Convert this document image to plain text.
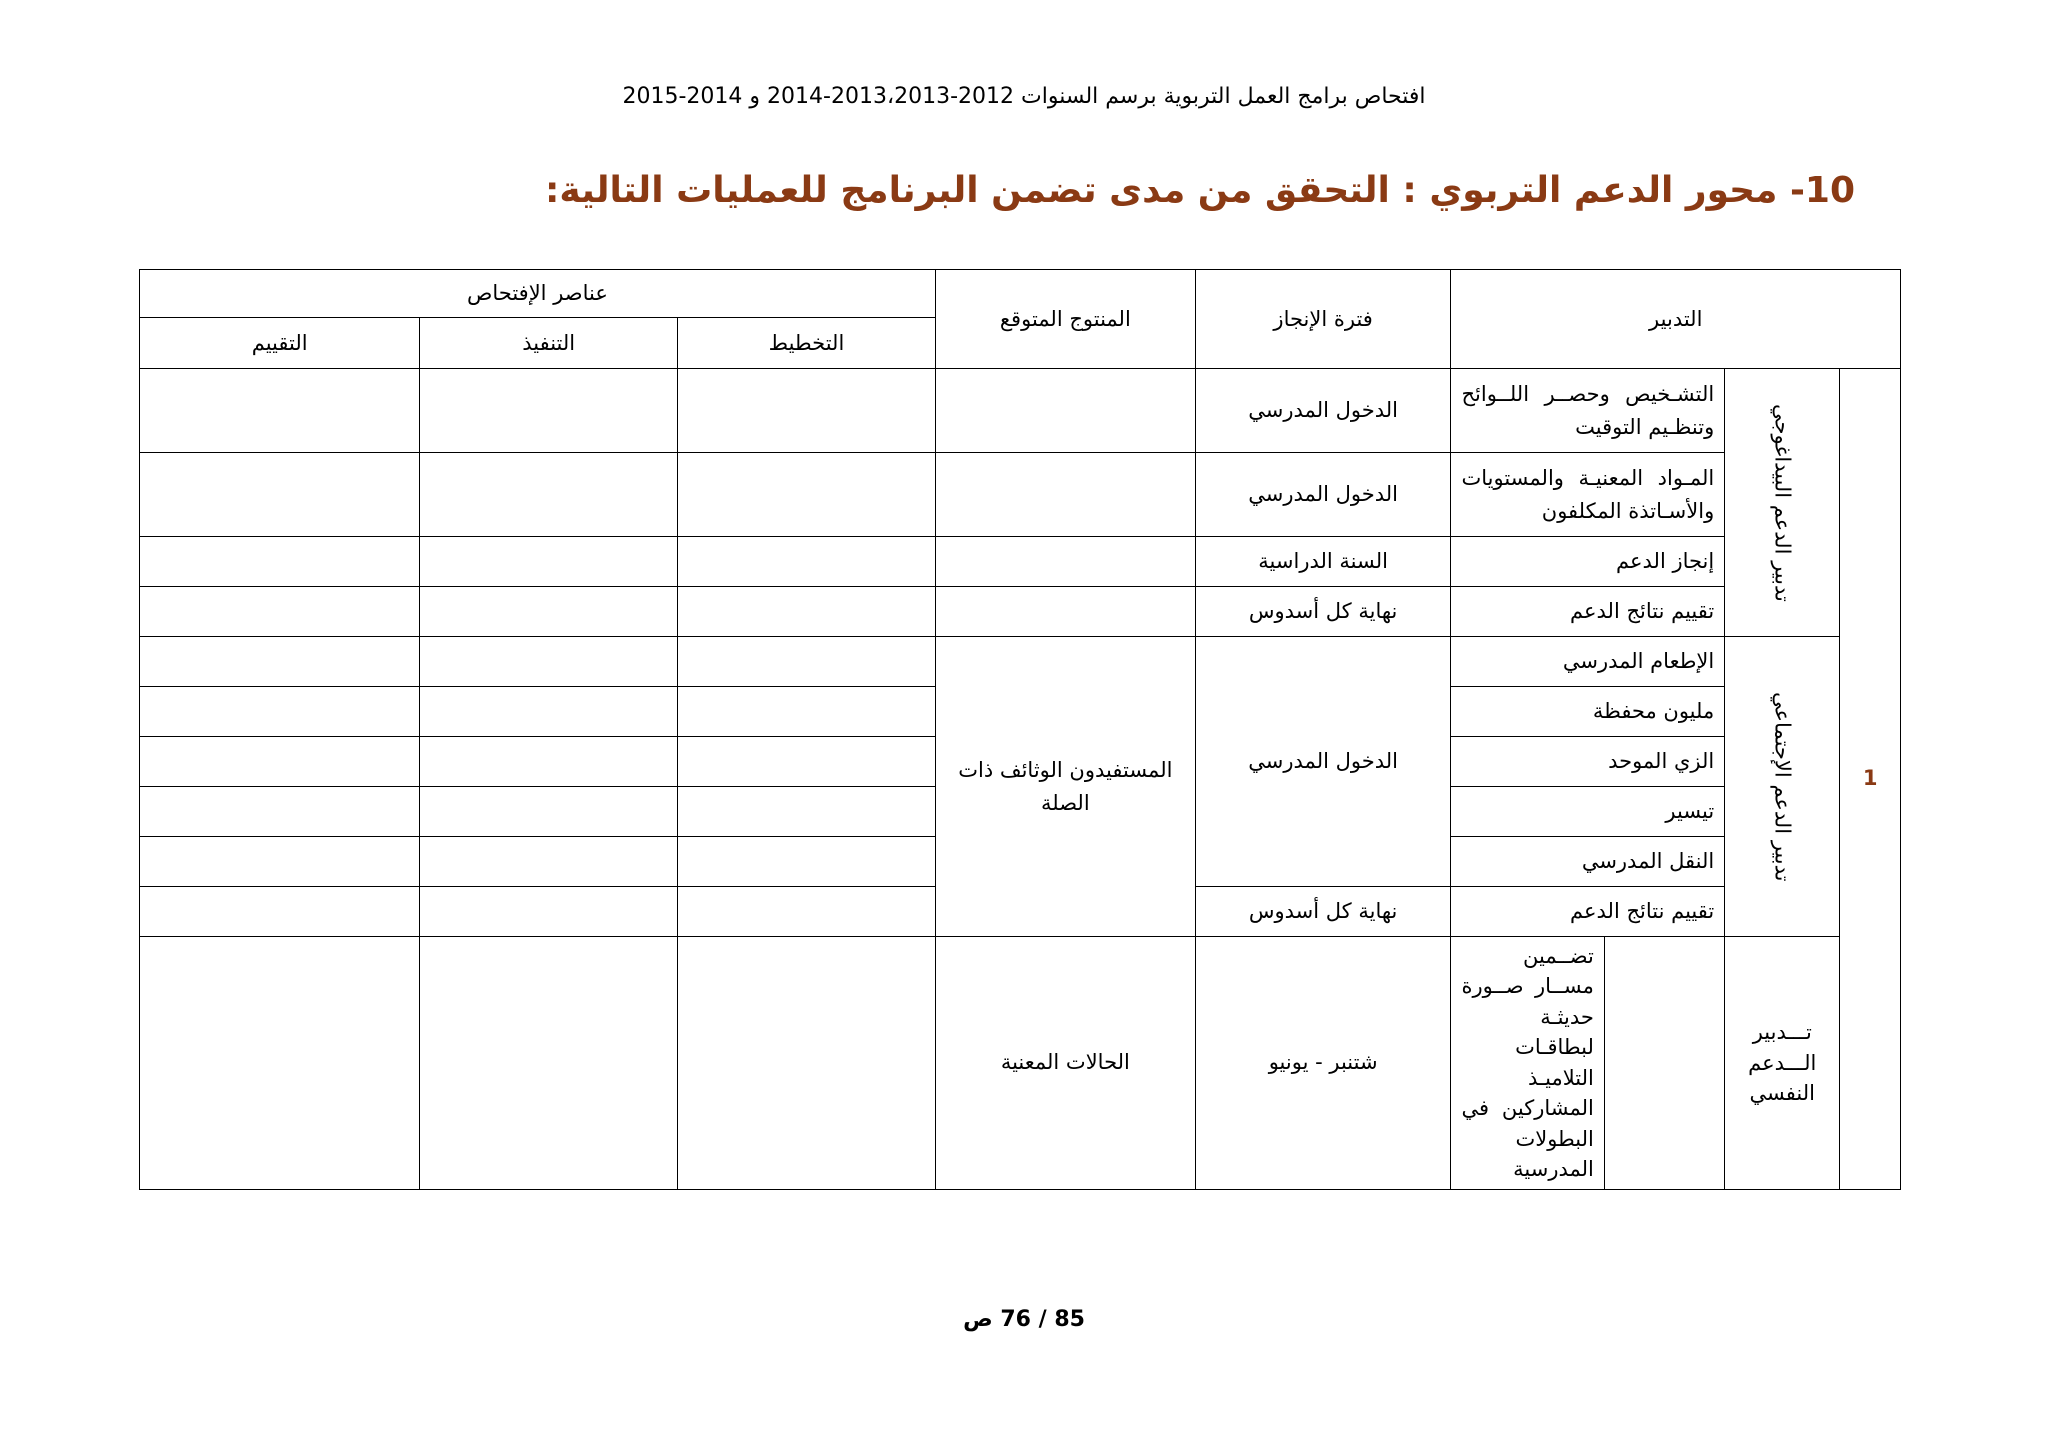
افتحاص برامج العمل التربوية برسم السنوات 2012-2013،2013-2014 و 2014-2015
10- محور الدعم التربوي : التحقق من مدى تضمن البرنامج للعمليات التالية:
التدبير				فترة الإنجاز	المنتوج المتوقع	عناصر الإفتحاص		
						التخطيط	التنفيذ	التقييم
1	تدبير الدعم البيداغوجي	التشـخيص وحصــر اللــوائح وتنظـيم التوقيت		الدخول المدرسي				
		المـواد المعنيـة والمستويات والأسـاتذة المكلفون		الدخول المدرسي				
		إنجاز الدعم		السنة الدراسية				
		تقييم نتائج الدعم		نهاية كل أسدوس				
	تدبير الدعم الإجتماعي	الإطعام المدرسي		الدخول المدرسي	المستفيدون الوثائف ذات الصلة			
		مليون محفظة						
		الزي الموحد						
		تيسير						
		النقل المدرسي						
		تقييم نتائج الدعم		نهاية كل أسدوس				
	تـــدبير الـــدعم النفسي		تضــمين مســار صــورة حديثـة لبطاقـات التلاميـذ المشاركين في البطولات المدرسية	شتنبر - يونيو	الحالات المعنية			
85 / 76 ص
